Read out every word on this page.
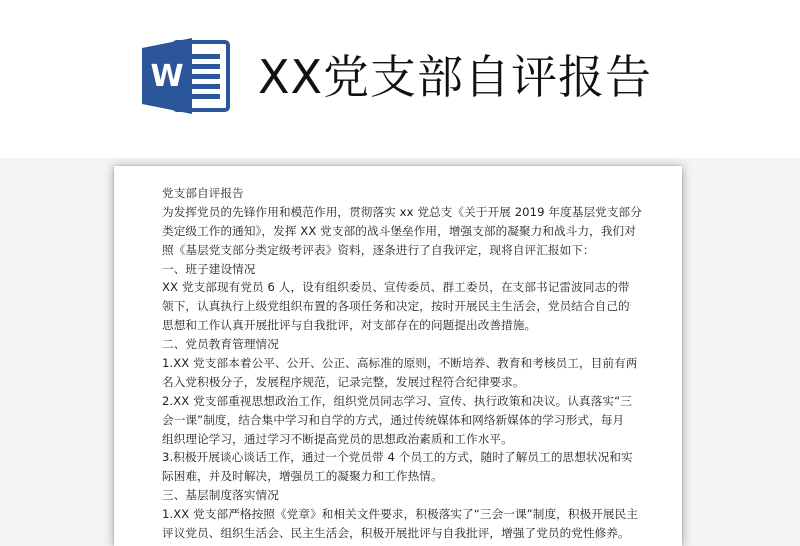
W XX党支部自评报告
党支部自评报告
为发挥党员的先锋作用和模范作用，贯彻落实 xx 党总支《关于开展 2019 年度基层党支部分
类定级工作的通知》，发挥 XX 党支部的战斗堡垒作用，增强支部的凝聚力和战斗力，我们对
照《基层党支部分类定级考评表》资料，逐条进行了自我评定，现将自评汇报如下：
一、班子建设情况
XX 党支部现有党员 6 人，设有组织委员、宣传委员、群工委员，在支部书记雷波同志的带
领下，认真执行上级党组织布置的各项任务和决定，按时开展民主生活会，党员结合自己的
思想和工作认真开展批评与自我批评，对支部存在的问题提出改善措施。
二、党员教育管理情况
1.XX 党支部本着公平、公开、公正、高标准的原则，不断培养、教育和考核员工，目前有两
名入党积极分子，发展程序规范，记录完整，发展过程符合纪律要求。
2.XX 党支部重视思想政治工作，组织党员同志学习、宣传、执行政策和决议。认真落实“三
会一课”制度，结合集中学习和自学的方式，通过传统媒体和网络新媒体的学习形式，每月
组织理论学习，通过学习不断提高党员的思想政治素质和工作水平。
3.积极开展谈心谈话工作，通过一个党员带 4 个员工的方式，随时了解员工的思想状况和实
际困难，并及时解决，增强员工的凝聚力和工作热情。
三、基层制度落实情况
1.XX 党支部严格按照《党章》和相关文件要求，积极落实了“三会一课”制度，积极开展民主
评议党员、组织生活会、民主生活会，积极开展批评与自我批评，增强了党员的党性修养。
